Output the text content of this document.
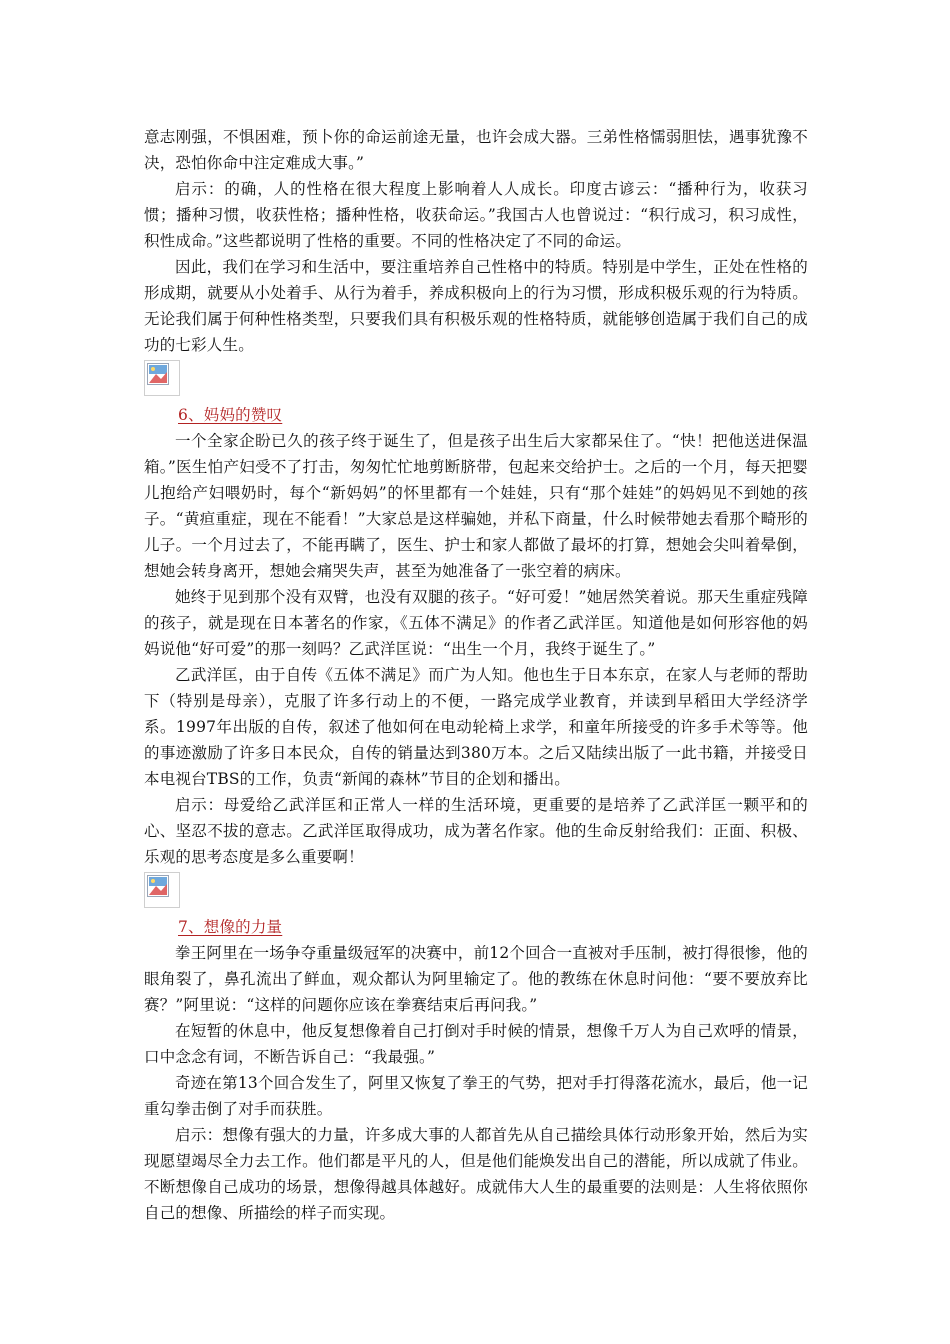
意志刚强，不惧困难，预卜你的命运前途无量，也许会成大器。三弟性格懦弱胆怯，遇事犹豫不决，恐怕你命中注定难成大事。”

启示：的确，人的性格在很大程度上影响着人人成长。印度古谚云：“播种行为，收获习惯；播种习惯，收获性格；播种性格，收获命运。”我国古人也曾说过：“积行成习，积习成性，积性成命。”这些都说明了性格的重要。不同的性格决定了不同的命运。

因此，我们在学习和生活中，要注重培养自己性格中的特质。特别是中学生，正处在性格的形成期，就要从小处着手、从行为着手，养成积极向上的行为习惯，形成积极乐观的行为特质。无论我们属于何种性格类型，只要我们具有积极乐观的性格特质，就能够创造属于我们自己的成功的七彩人生。

6、妈妈的赞叹

一个全家企盼已久的孩子终于诞生了，但是孩子出生后大家都呆住了。“快！把他送进保温箱。”医生怕产妇受不了打击，匆匆忙忙地剪断脐带，包起来交给护士。之后的一个月，每天把婴儿抱给产妇喂奶时，每个“新妈妈”的怀里都有一个娃娃，只有“那个娃娃”的妈妈见不到她的孩子。“黄疸重症，现在不能看！”大家总是这样骗她，并私下商量，什么时候带她去看那个畸形的儿子。一个月过去了，不能再瞒了，医生、护士和家人都做了最坏的打算，想她会尖叫着晕倒，想她会转身离开，想她会痛哭失声，甚至为她准备了一张空着的病床。

她终于见到那个没有双臂，也没有双腿的孩子。“好可爱！”她居然笑着说。那天生重症残障的孩子，就是现在日本著名的作家，《五体不满足》的作者乙武洋匡。知道他是如何形容他的妈妈说他“好可爱”的那一刻吗？乙武洋匡说：“出生一个月，我终于诞生了。”

乙武洋匡，由于自传《五体不满足》而广为人知。他也生于日本东京，在家人与老师的帮助下（特别是母亲），克服了许多行动上的不便，一路完成学业教育，并读到早稻田大学经济学系。1997年出版的自传，叙述了他如何在电动轮椅上求学，和童年所接受的许多手术等等。他的事迹激励了许多日本民众，自传的销量达到380万本。之后又陆续出版了一此书籍，并接受日本电视台TBS的工作，负责“新闻的森林”节目的企划和播出。

启示：母爱给乙武洋匡和正常人一样的生活环境，更重要的是培养了乙武洋匡一颗平和的心、坚忍不拔的意志。乙武洋匡取得成功，成为著名作家。他的生命反射给我们：正面、积极、乐观的思考态度是多么重要啊！

7、想像的力量

拳王阿里在一场争夺重量级冠军的决赛中，前12个回合一直被对手压制，被打得很惨，他的眼角裂了，鼻孔流出了鲜血，观众都认为阿里输定了。他的教练在休息时问他：“要不要放弃比赛？”阿里说：“这样的问题你应该在拳赛结束后再问我。”

在短暂的休息中，他反复想像着自己打倒对手时候的情景，想像千万人为自己欢呼的情景，口中念念有词，不断告诉自己：“我最强。”

奇迹在第13个回合发生了，阿里又恢复了拳王的气势，把对手打得落花流水，最后，他一记重勾拳击倒了对手而获胜。

启示：想像有强大的力量，许多成大事的人都首先从自己描绘具体行动形象开始，然后为实现愿望竭尽全力去工作。他们都是平凡的人，但是他们能焕发出自己的潜能，所以成就了伟业。不断想像自己成功的场景，想像得越具体越好。成就伟大人生的最重要的法则是：人生将依照你自己的想像、所描绘的样子而实现。
